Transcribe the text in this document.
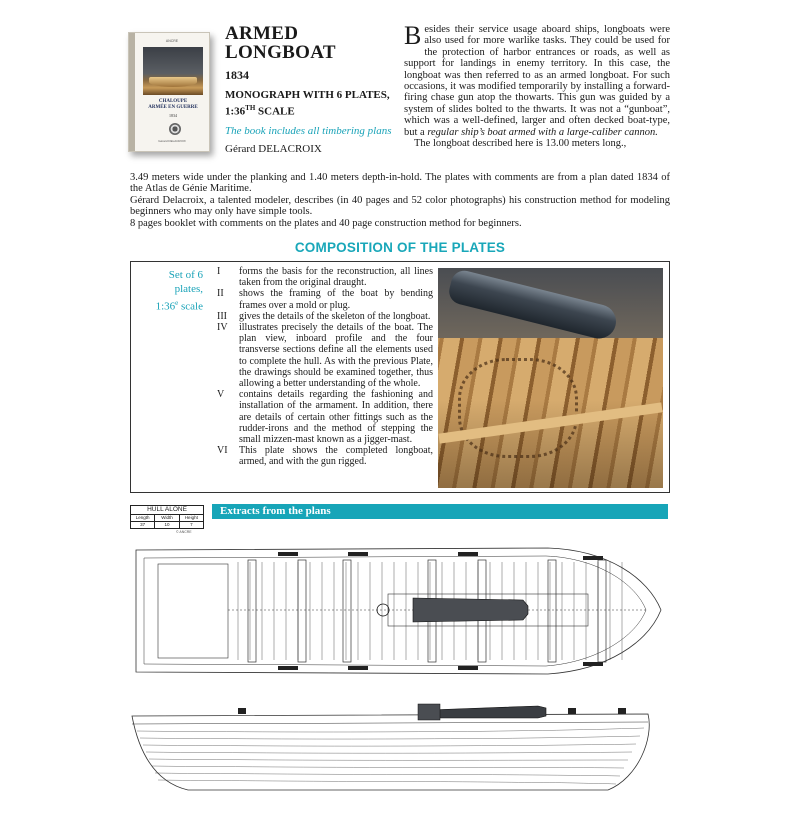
ANCRE
CHALOUPE
ARMÉE EN GUERRE
1834
Gérard DELACROIX
ARMED
LONGBOAT
1834
MONOGRAPH WITH 6 PLATES,
1:36TH SCALE
The book includes all timbering plans
Gérard DELACROIX
Besides their service usage aboard ships, longboats were also used for more warlike tasks. They could be used for the protection of harbor entrances or roads, as well as support for landings in enemy territory. In this case, the longboat was then referred to as an armed longboat. For such occasions, it was modified temporarily by installing a forward-firing chase gun atop the thowarts. This gun was guided by a system of slides bolted to the thwarts. It was not a “gunboat”, which was a well-defined, larger and often decked boat-type, but a regular ship’s boat armed with a large-caliber cannon.
The longboat described here is 13.00 meters long.,

3.49 meters wide under the planking and 1.40 meters depth-in-hold. The plates with comments are from a plan dated 1834 of the Atlas de Génie Maritime.

Gérard Delacroix, a talented modeler, describes (in 40 pages and 52 color photographs) his construction method for modeling beginners who may only have simple tools.

8 pages booklet with comments on the plates and 40 page construction method for beginners.

COMPOSITION OF THE PLATES
Set of 6
plates,
1:36e scale
I	forms the basis for the reconstruction, all lines taken from the original draught.
II	shows the framing of the boat by bending frames over a mold or plug.
III	gives the details of the skeleton of the longboat.
IV	illustrates precisely the details of the boat. The plan view, inboard profile and the four transverse sections define all the elements used to complete the hull. As with the previous Plate, the drawings should be examined together, thus allowing a better understanding of the whole.
V	contains details regarding the fashioning and installation of the armament. In addition, there are details of certain other fittings such as the rudder-irons and the method of stepping the small mizzen-mast known as a jigger-mast.
VI	This plate shows the completed longboat, armed, and with the gun rigged.
HULL ALONE
Length	Width	Height
37	10	7
© ANCRE
Extracts from the plans
